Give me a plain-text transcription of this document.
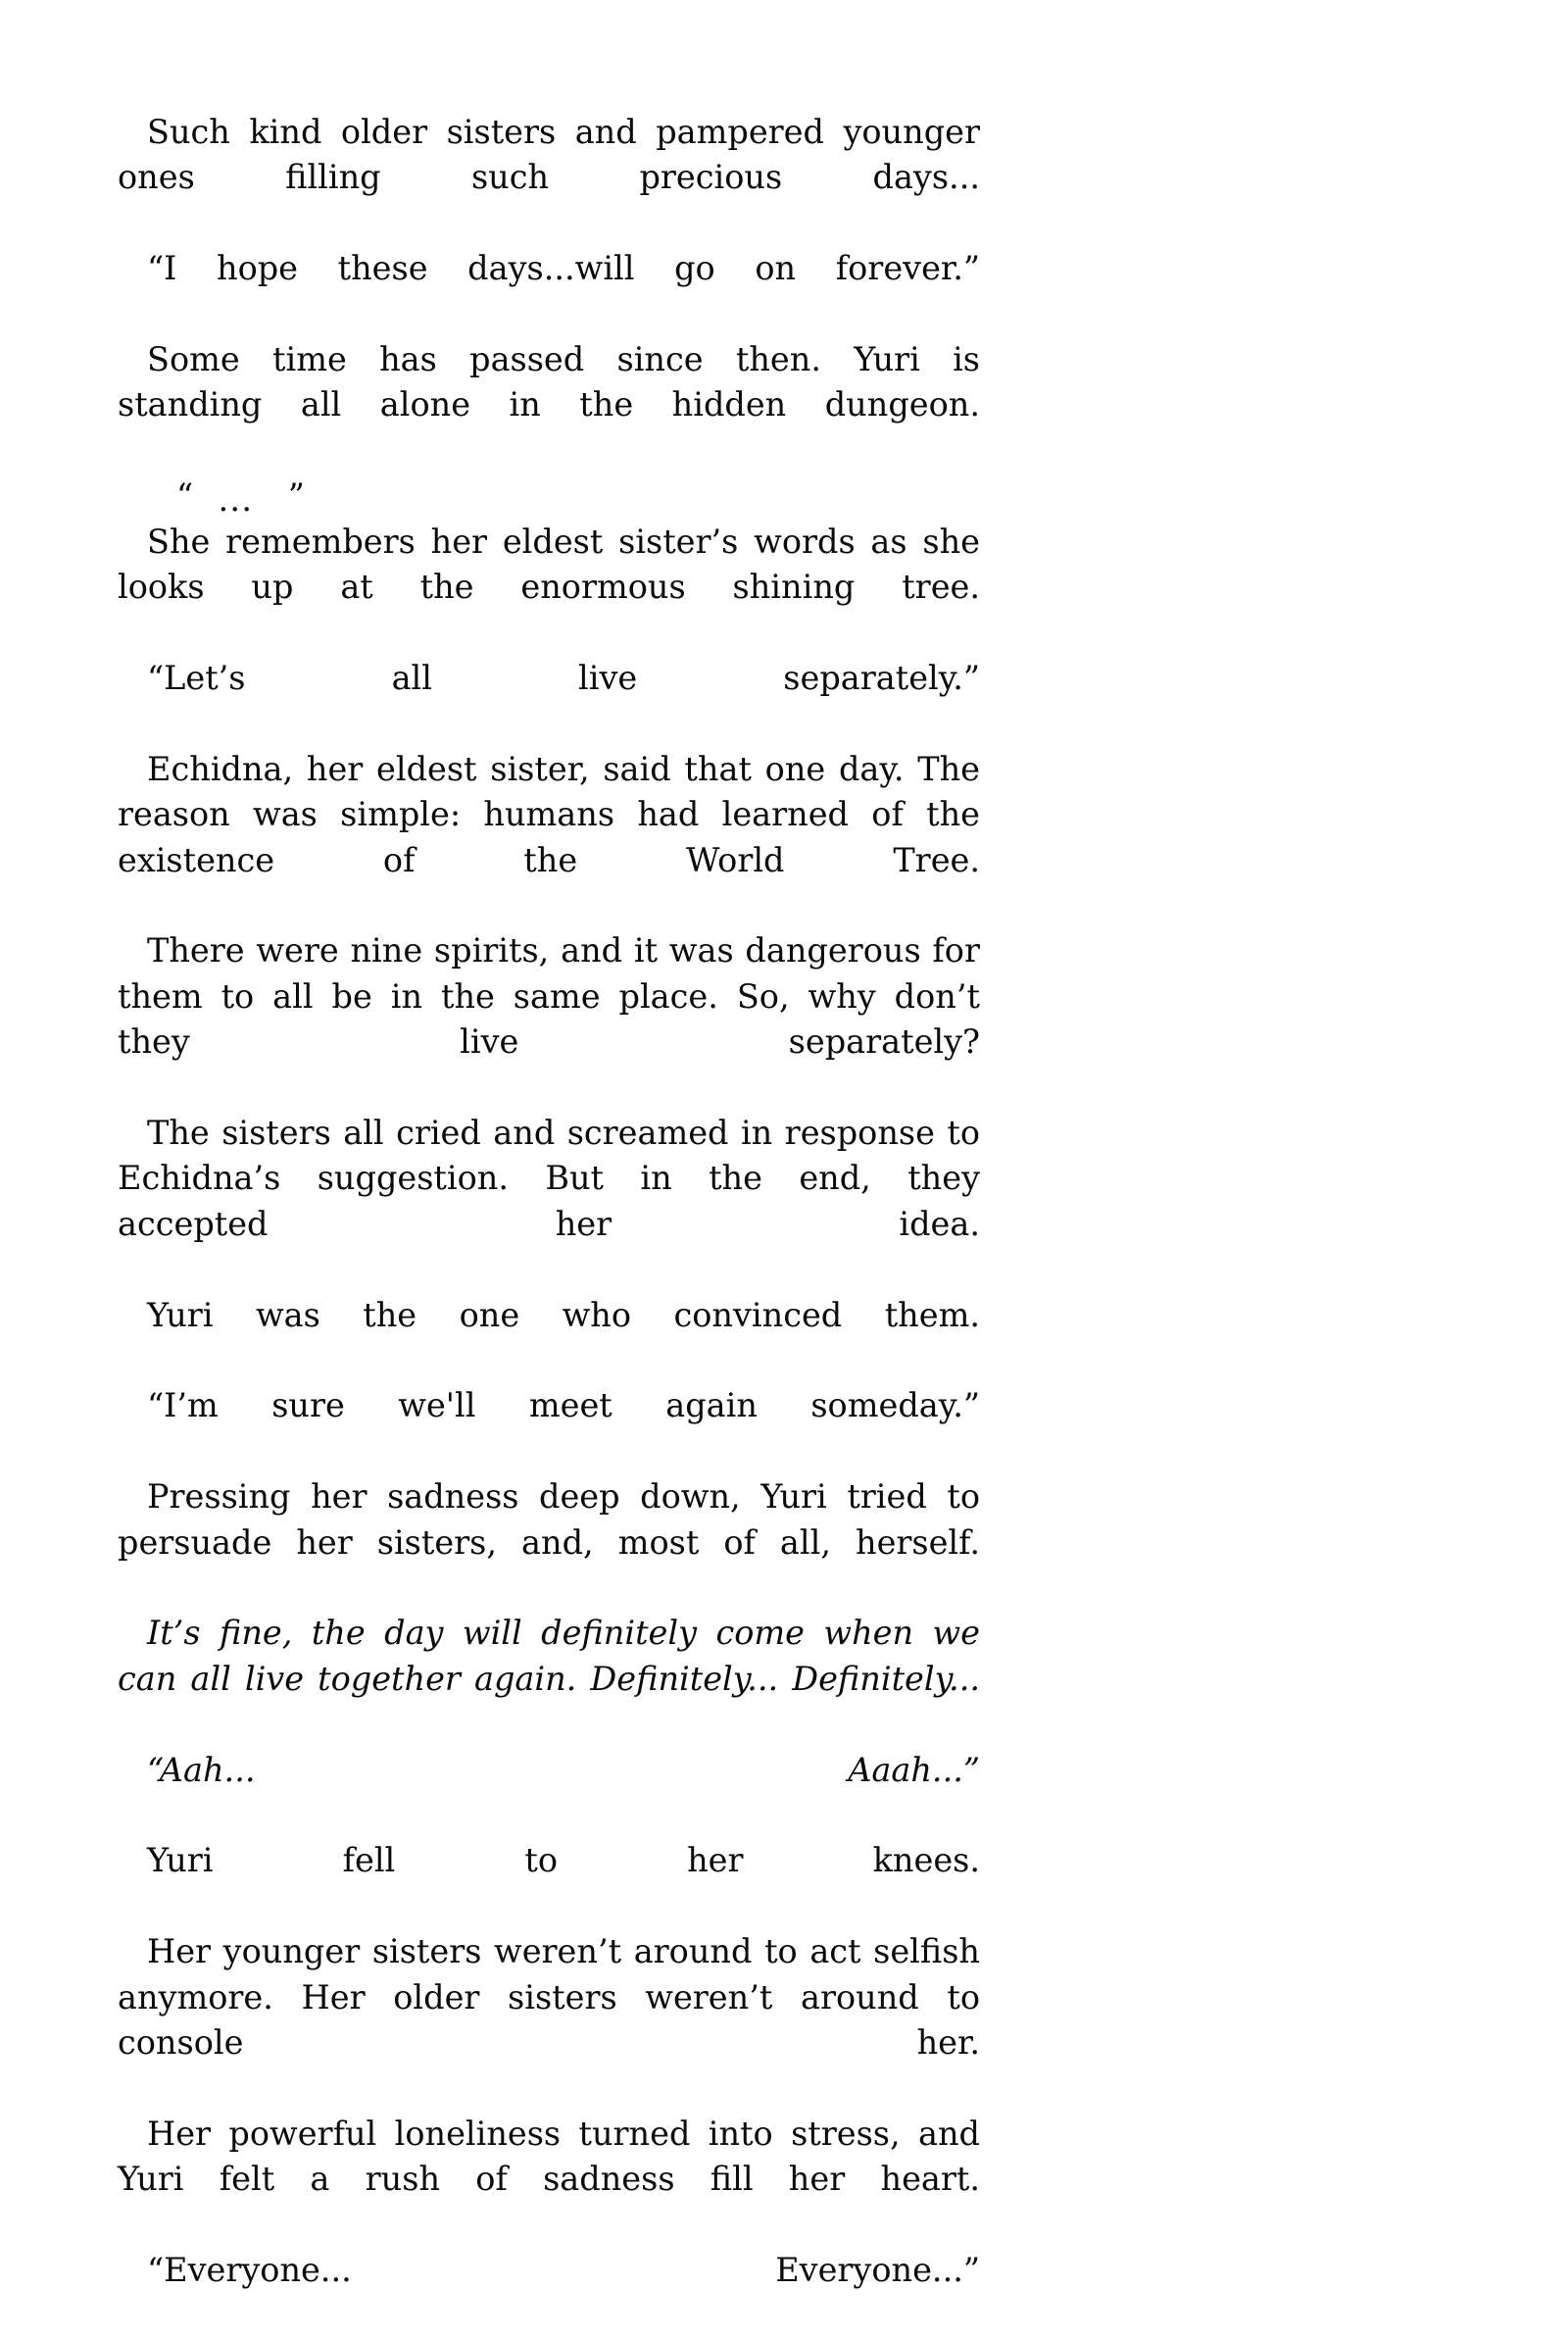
Such kind older sisters and pampered younger ones filling such precious days...

“I hope these days...will go on forever.”

Some time has passed since then. Yuri is standing all alone in the hidden dungeon.

“ ... ”

She remembers her eldest sister’s words as she looks up at the enormous shining tree.

“Let’s all live separately.”

Echidna, her eldest sister, said that one day. The reason was simple: humans had learned of the existence of the World Tree.

There were nine spirits, and it was dangerous for them to all be in the same place. So, why don’t they live separately?

The sisters all cried and screamed in response to Echidna’s suggestion. But in the end, they accepted her idea.

Yuri was the one who convinced them.

“I’m sure we'll meet again someday.”

Pressing her sadness deep down, Yuri tried to persuade her sisters, and, most of all, herself.

It’s fine, the day will definitely come when we can all live together again. Definitely... Definitely...

“Aah... Aaah...”

Yuri fell to her knees.

Her younger sisters weren’t around to act selfish anymore. Her older sisters weren’t around to console her.

Her powerful loneliness turned into stress, and Yuri felt a rush of sadness fill her heart.

“Everyone... Everyone...”
